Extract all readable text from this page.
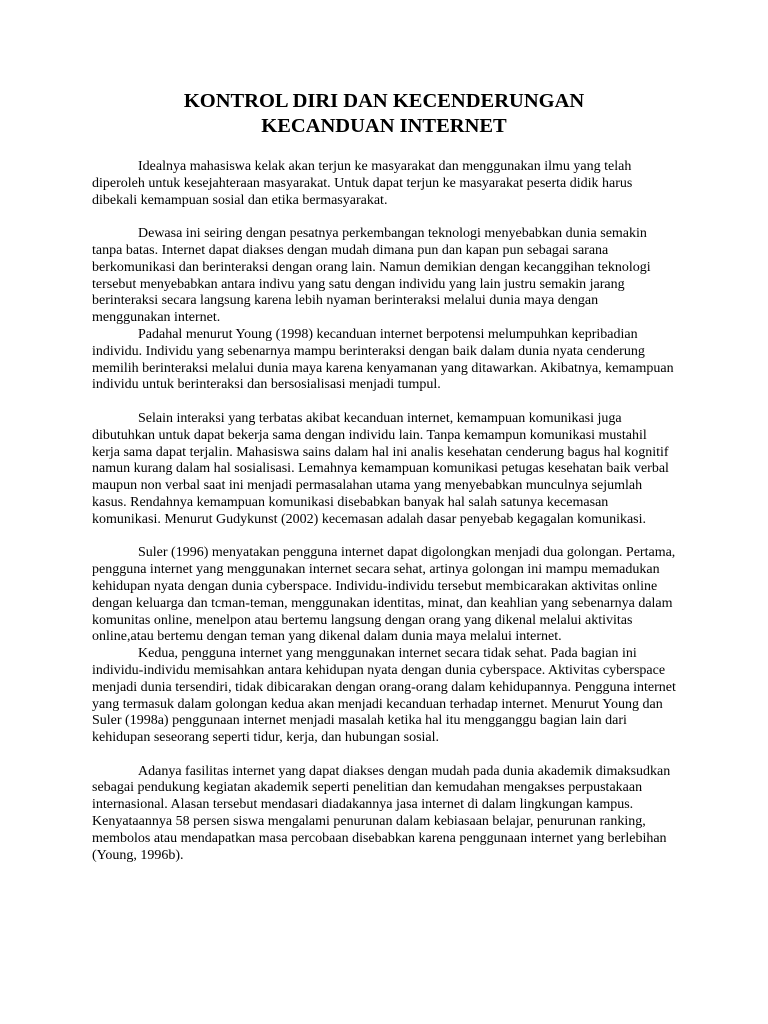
KONTROL DIRI DAN KECENDERUNGAN
KECANDUAN INTERNET

Idealnya mahasiswa kelak akan terjun ke masyarakat dan menggunakan ilmu yang telah diperoleh untuk kesejahteraan masyarakat. Untuk dapat terjun ke masyarakat peserta didik harus dibekali kemampuan sosial dan etika bermasyarakat.

Dewasa ini seiring dengan pesatnya perkembangan teknologi menyebabkan dunia semakin tanpa batas. Internet dapat diakses dengan mudah dimana pun dan kapan pun sebagai sarana berkomunikasi dan berinteraksi dengan orang lain. Namun demikian dengan kecanggihan teknologi tersebut menyebabkan antara indivu yang satu dengan individu yang lain justru semakin jarang berinteraksi secara langsung karena lebih nyaman berinteraksi melalui dunia maya dengan menggunakan internet.

Padahal menurut Young (1998) kecanduan internet berpotensi melumpuhkan kepribadian individu. Individu yang sebenarnya mampu berinteraksi dengan baik dalam dunia nyata cenderung memilih berinteraksi melalui dunia maya karena kenyamanan yang ditawarkan. Akibatnya, kemampuan individu untuk berinteraksi dan bersosialisasi menjadi tumpul.

Selain interaksi yang terbatas akibat kecanduan internet, kemampuan komunikasi juga dibutuhkan untuk dapat bekerja sama dengan individu lain. Tanpa kemampun komunikasi mustahil kerja sama dapat terjalin. Mahasiswa sains dalam hal ini analis kesehatan cenderung bagus hal kognitif namun kurang dalam hal sosialisasi. Lemahnya kemampuan komunikasi petugas kesehatan baik verbal maupun non verbal saat ini menjadi permasalahan utama yang menyebabkan munculnya sejumlah kasus. Rendahnya kemampuan komunikasi disebabkan banyak hal salah satunya kecemasan komunikasi. Menurut Gudykunst (2002) kecemasan adalah dasar penyebab kegagalan komunikasi.

Suler (1996) menyatakan pengguna internet dapat digolongkan menjadi dua golongan. Pertama, pengguna internet yang menggunakan internet secara sehat, artinya golongan ini mampu memadukan kehidupan nyata dengan dunia cyberspace. Individu-individu tersebut membicarakan aktivitas online dengan keluarga dan tcman-teman, menggunakan identitas, minat, dan keahlian yang sebenarnya dalam komunitas online, menelpon atau bertemu langsung dengan orang yang dikenal melalui aktivitas online,atau bertemu dengan teman yang dikenal dalam dunia maya melalui internet.

Kedua, pengguna internet yang menggunakan internet secara tidak sehat. Pada bagian ini individu-individu memisahkan antara kehidupan nyata dengan dunia cyberspace. Aktivitas cyberspace menjadi dunia tersendiri, tidak dibicarakan dengan orang-orang dalam kehidupannya. Pengguna internet yang termasuk dalam golongan kedua akan menjadi kecanduan terhadap internet. Menurut Young dan Suler (1998a) penggunaan internet menjadi masalah ketika hal itu mengganggu bagian lain dari kehidupan seseorang seperti tidur, kerja, dan hubungan sosial.

Adanya fasilitas internet yang dapat diakses dengan mudah pada dunia akademik dimaksudkan sebagai pendukung kegiatan akademik seperti penelitian dan kemudahan mengakses perpustakaan internasional. Alasan tersebut mendasari diadakannya jasa internet di dalam lingkungan kampus. Kenyataannya 58 persen siswa mengalami penurunan dalam kebiasaan belajar, penurunan ranking, membolos atau mendapatkan masa percobaan disebabkan karena penggunaan internet yang berlebihan (Young, 1996b).
